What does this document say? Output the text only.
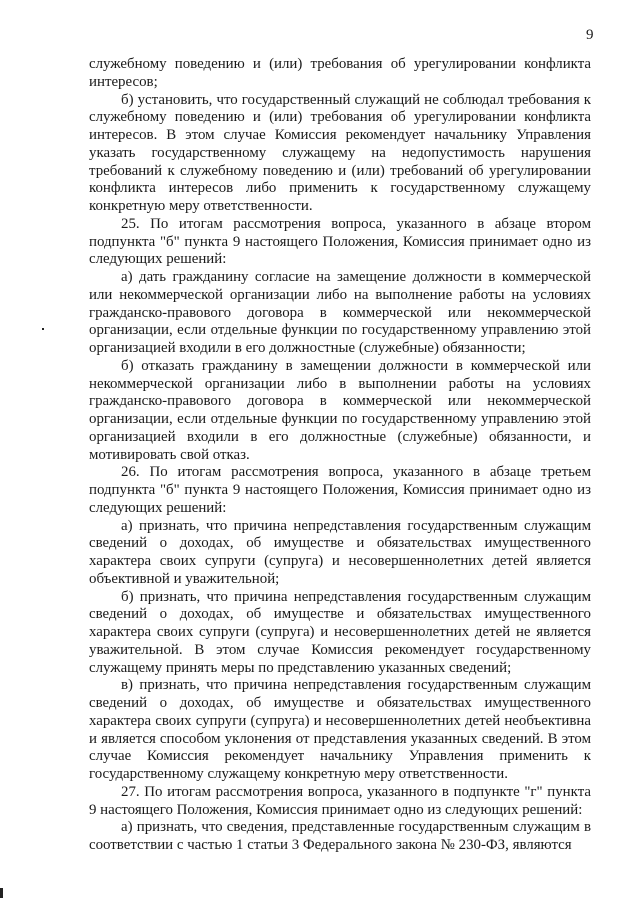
9

служебному поведению и (или) требования об урегулировании конфликта интересов;

б) установить, что государственный служащий не соблюдал требования к служебному поведению и (или) требования об урегулировании конфликта интересов. В этом случае Комиссия рекомендует начальнику Управления указать государственному служащему на недопустимость нарушения требований к служебному поведению и (или) требований об урегулировании конфликта интересов либо применить к государственному служащему конкретную меру ответственности.

25. По итогам рассмотрения вопроса, указанного в абзаце втором подпункта "б" пункта 9 настоящего Положения, Комиссия принимает одно из следующих решений:

а) дать гражданину согласие на замещение должности в коммерческой или некоммерческой организации либо на выполнение работы на условиях гражданско-правового договора в коммерческой или некоммерческой организации, если отдельные функции по государственному управлению этой организацией входили в его должностные (служебные) обязанности;

б) отказать гражданину в замещении должности в коммерческой или некоммерческой организации либо в выполнении работы на условиях гражданско-правового договора в коммерческой или некоммерческой организации, если отдельные функции по государственному управлению этой организацией входили в его должностные (служебные) обязанности, и мотивировать свой отказ.

26. По итогам рассмотрения вопроса, указанного в абзаце третьем подпункта "б" пункта 9 настоящего Положения, Комиссия принимает одно из следующих решений:

а) признать, что причина непредставления государственным служащим сведений о доходах, об имуществе и обязательствах имущественного характера своих супруги (супруга) и несовершеннолетних детей является объективной и уважительной;

б) признать, что причина непредставления государственным служащим сведений о доходах, об имуществе и обязательствах имущественного характера своих супруги (супруга) и несовершеннолетних детей не является уважительной. В этом случае Комиссия рекомендует государственному служащему принять меры по представлению указанных сведений;

в) признать, что причина непредставления государственным служащим сведений о доходах, об имуществе и обязательствах имущественного характера своих супруги (супруга) и несовершеннолетних детей необъективна и является способом уклонения от представления указанных сведений. В этом случае Комиссия рекомендует начальнику Управления применить к государственному служащему конкретную меру ответственности.

27. По итогам рассмотрения вопроса, указанного в подпункте "г" пункта 9 настоящего Положения, Комиссия принимает одно из следующих решений:

а) признать, что сведения, представленные государственным служащим в соответствии с частью 1 статьи 3 Федерального закона № 230-ФЗ, являются
